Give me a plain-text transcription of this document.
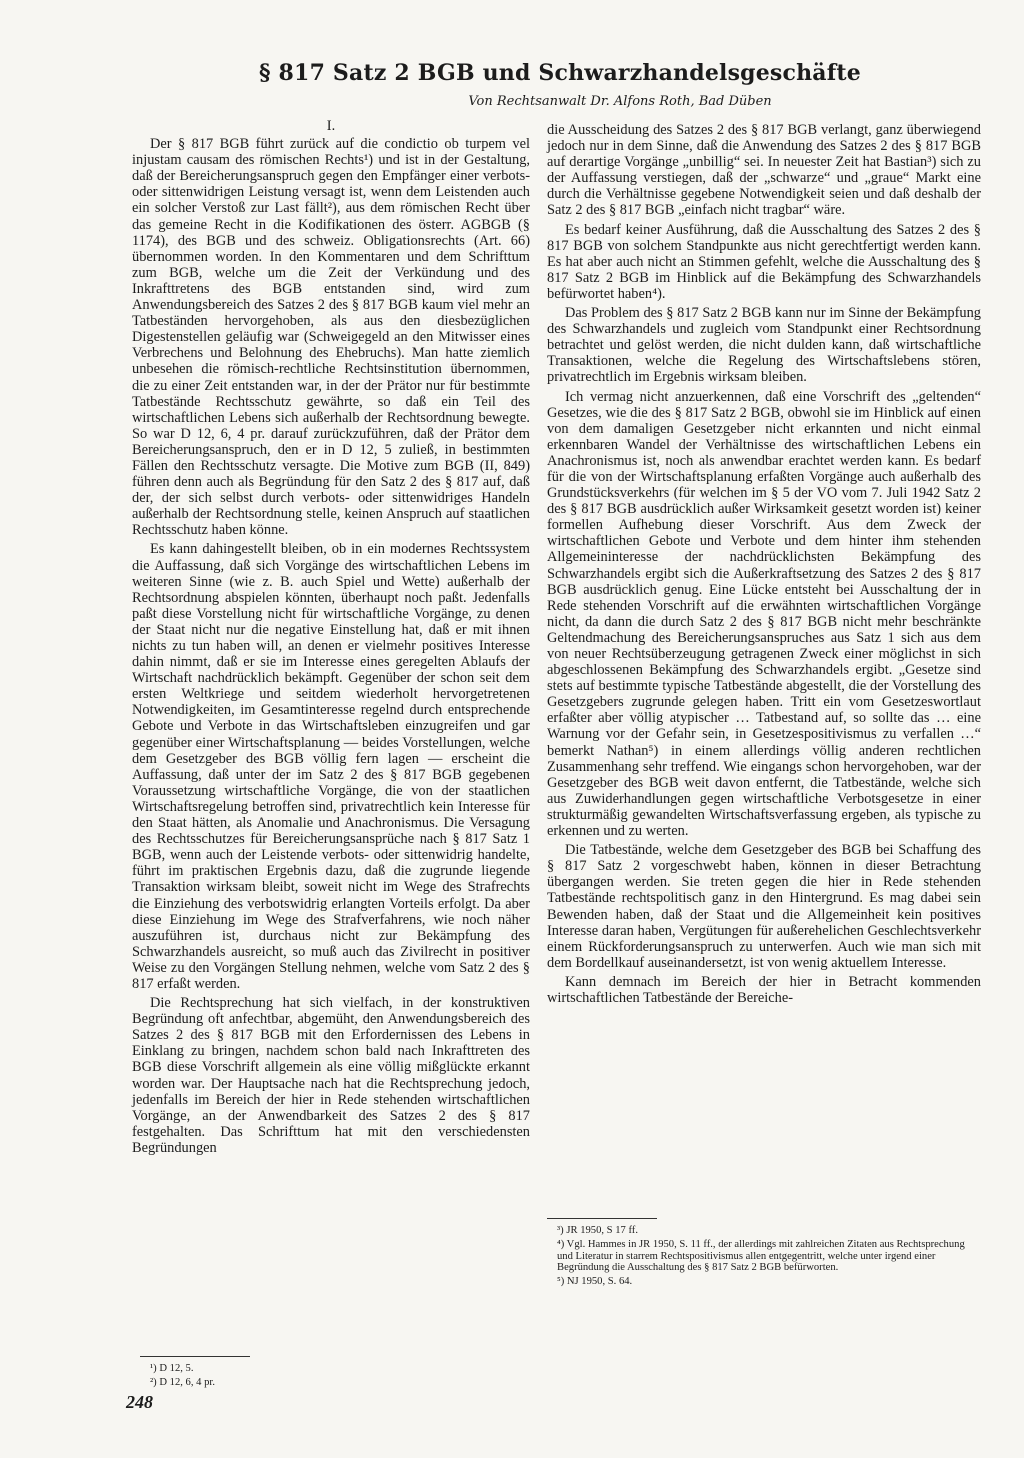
§ 817 Satz 2 BGB und Schwarzhandelsgeschäfte
Von Rechtsanwalt Dr. Alfons Roth, Bad Düben
I.

Der § 817 BGB führt zurück auf die condictio ob turpem vel injustam causam des römischen Rechts¹) und ist in der Gestaltung, daß der Bereicherungsanspruch gegen den Empfänger einer verbots- oder sittenwidrigen Leistung versagt ist, wenn dem Leistenden auch ein solcher Verstoß zur Last fällt²), aus dem römischen Recht über das gemeine Recht in die Kodifikationen des österr. AGBGB (§ 1174), des BGB und des schweiz. Obligationsrechts (Art. 66) übernommen worden. In den Kommentaren und dem Schrifttum zum BGB, welche um die Zeit der Verkündung und des Inkrafttretens des BGB entstanden sind, wird zum Anwendungsbereich des Satzes 2 des § 817 BGB kaum viel mehr an Tatbeständen hervorgehoben, als aus den diesbezüglichen Digestenstellen geläufig war (Schweigegeld an den Mitwisser eines Verbrechens und Belohnung des Ehebruchs). Man hatte ziemlich unbesehen die römisch-rechtliche Rechtsinstitution übernommen, die zu einer Zeit entstanden war, in der der Prätor nur für bestimmte Tatbestände Rechtsschutz gewährte, so daß ein Teil des wirtschaftlichen Lebens sich außerhalb der Rechtsordnung bewegte. So war D 12, 6, 4 pr. darauf zurückzuführen, daß der Prätor dem Bereicherungsanspruch, den er in D 12, 5 zuließ, in bestimmten Fällen den Rechtsschutz versagte. Die Motive zum BGB (II, 849) führen denn auch als Begründung für den Satz 2 des § 817 auf, daß der, der sich selbst durch verbots- oder sittenwidriges Handeln außerhalb der Rechtsordnung stelle, keinen Anspruch auf staatlichen Rechtsschutz haben könne.

Es kann dahingestellt bleiben, ob in ein modernes Rechtssystem die Auffassung, daß sich Vorgänge des wirtschaftlichen Lebens im weiteren Sinne (wie z. B. auch Spiel und Wette) außerhalb der Rechtsordnung abspielen könnten, überhaupt noch paßt. Jedenfalls paßt diese Vorstellung nicht für wirtschaftliche Vorgänge, zu denen der Staat nicht nur die negative Einstellung hat, daß er mit ihnen nichts zu tun haben will, an denen er vielmehr positives Interesse dahin nimmt, daß er sie im Interesse eines geregelten Ablaufs der Wirtschaft nachdrücklich bekämpft. Gegenüber der schon seit dem ersten Weltkriege und seitdem wiederholt hervorgetretenen Notwendigkeiten, im Gesamtinteresse regelnd durch entsprechende Gebote und Verbote in das Wirtschaftsleben einzugreifen und gar gegenüber einer Wirtschaftsplanung — beides Vorstellungen, welche dem Gesetzgeber des BGB völlig fern lagen — erscheint die Auffassung, daß unter der im Satz 2 des § 817 BGB gegebenen Voraussetzung wirtschaftliche Vorgänge, die von der staatlichen Wirtschaftsregelung betroffen sind, privatrechtlich kein Interesse für den Staat hätten, als Anomalie und Anachronismus. Die Versagung des Rechtsschutzes für Bereicherungsansprüche nach § 817 Satz 1 BGB, wenn auch der Leistende verbots- oder sittenwidrig handelte, führt im praktischen Ergebnis dazu, daß die zugrunde liegende Transaktion wirksam bleibt, soweit nicht im Wege des Strafrechts die Einziehung des verbotswidrig erlangten Vorteils erfolgt. Da aber diese Einziehung im Wege des Strafverfahrens, wie noch näher auszuführen ist, durchaus nicht zur Bekämpfung des Schwarzhandels ausreicht, so muß auch das Zivilrecht in positiver Weise zu den Vorgängen Stellung nehmen, welche vom Satz 2 des § 817 erfaßt werden.

Die Rechtsprechung hat sich vielfach, in der konstruktiven Begründung oft anfechtbar, abgemüht, den Anwendungsbereich des Satzes 2 des § 817 BGB mit den Erfordernissen des Lebens in Einklang zu bringen, nachdem schon bald nach Inkrafttreten des BGB diese Vorschrift allgemein als eine völlig mißglückte erkannt worden war. Der Hauptsache nach hat die Rechtsprechung jedoch, jedenfalls im Bereich der hier in Rede stehenden wirtschaftlichen Vorgänge, an der Anwendbarkeit des Satzes 2 des § 817 festgehalten. Das Schrifttum hat mit den verschiedensten Begründungen

die Ausscheidung des Satzes 2 des § 817 BGB verlangt, ganz überwiegend jedoch nur in dem Sinne, daß die Anwendung des Satzes 2 des § 817 BGB auf derartige Vorgänge „unbillig“ sei. In neuester Zeit hat Bastian³) sich zu der Auffassung verstiegen, daß der „schwarze“ und „graue“ Markt eine durch die Verhältnisse gegebene Notwendigkeit seien und daß deshalb der Satz 2 des § 817 BGB „einfach nicht tragbar“ wäre.

Es bedarf keiner Ausführung, daß die Ausschaltung des Satzes 2 des § 817 BGB von solchem Standpunkte aus nicht gerechtfertigt werden kann. Es hat aber auch nicht an Stimmen gefehlt, welche die Ausschaltung des § 817 Satz 2 BGB im Hinblick auf die Bekämpfung des Schwarzhandels befürwortet haben⁴).

Das Problem des § 817 Satz 2 BGB kann nur im Sinne der Bekämpfung des Schwarzhandels und zugleich vom Standpunkt einer Rechtsordnung betrachtet und gelöst werden, die nicht dulden kann, daß wirtschaftliche Transaktionen, welche die Regelung des Wirtschaftslebens stören, privatrechtlich im Ergebnis wirksam bleiben.

Ich vermag nicht anzuerkennen, daß eine Vorschrift des „geltenden“ Gesetzes, wie die des § 817 Satz 2 BGB, obwohl sie im Hinblick auf einen von dem damaligen Gesetzgeber nicht erkannten und nicht einmal erkennbaren Wandel der Verhältnisse des wirtschaftlichen Lebens ein Anachronismus ist, noch als anwendbar erachtet werden kann. Es bedarf für die von der Wirtschaftsplanung erfaßten Vorgänge auch außerhalb des Grundstücksverkehrs (für welchen im § 5 der VO vom 7. Juli 1942 Satz 2 des § 817 BGB ausdrücklich außer Wirksamkeit gesetzt worden ist) keiner formellen Aufhebung dieser Vorschrift. Aus dem Zweck der wirtschaftlichen Gebote und Verbote und dem hinter ihm stehenden Allgemeininteresse der nachdrücklichsten Bekämpfung des Schwarzhandels ergibt sich die Außerkraftsetzung des Satzes 2 des § 817 BGB ausdrücklich genug. Eine Lücke entsteht bei Ausschaltung der in Rede stehenden Vorschrift auf die erwähnten wirtschaftlichen Vorgänge nicht, da dann die durch Satz 2 des § 817 BGB nicht mehr beschränkte Geltendmachung des Bereicherungsanspruches aus Satz 1 sich aus dem von neuer Rechtsüberzeugung getragenen Zweck einer möglichst in sich abgeschlossenen Bekämpfung des Schwarzhandels ergibt. „Gesetze sind stets auf bestimmte typische Tatbestände abgestellt, die der Vorstellung des Gesetzgebers zugrunde gelegen haben. Tritt ein vom Gesetzeswortlaut erfaßter aber völlig atypischer … Tatbestand auf, so sollte das … eine Warnung vor der Gefahr sein, in Gesetzespositivismus zu verfallen …“ bemerkt Nathan⁵) in einem allerdings völlig anderen rechtlichen Zusammenhang sehr treffend. Wie eingangs schon hervorgehoben, war der Gesetzgeber des BGB weit davon entfernt, die Tatbestände, welche sich aus Zuwiderhandlungen gegen wirtschaftliche Verbotsgesetze in einer strukturmäßig gewandelten Wirtschaftsverfassung ergeben, als typische zu erkennen und zu werten.

Die Tatbestände, welche dem Gesetzgeber des BGB bei Schaffung des § 817 Satz 2 vorgeschwebt haben, können in dieser Betrachtung übergangen werden. Sie treten gegen die hier in Rede stehenden Tatbestände rechtspolitisch ganz in den Hintergrund. Es mag dabei sein Bewenden haben, daß der Staat und die Allgemeinheit kein positives Interesse daran haben, Vergütungen für außerehelichen Geschlechtsverkehr einem Rückforderungsanspruch zu unterwerfen. Auch wie man sich mit dem Bordellkauf auseinandersetzt, ist von wenig aktuellem Interesse.

Kann demnach im Bereich der hier in Betracht kommenden wirtschaftlichen Tatbestände der Bereiche-

¹) D 12, 5.
²) D 12, 6, 4 pr.
³) JR 1950, S 17 ff.
⁴) Vgl. Hammes in JR 1950, S. 11 ff., der allerdings mit zahlreichen Zitaten aus Rechtsprechung und Literatur in starrem Rechtspositivismus allen entgegentritt, welche unter irgend einer Begründung die Ausschaltung des § 817 Satz 2 BGB befürworten.
⁵) NJ 1950, S. 64.
248
